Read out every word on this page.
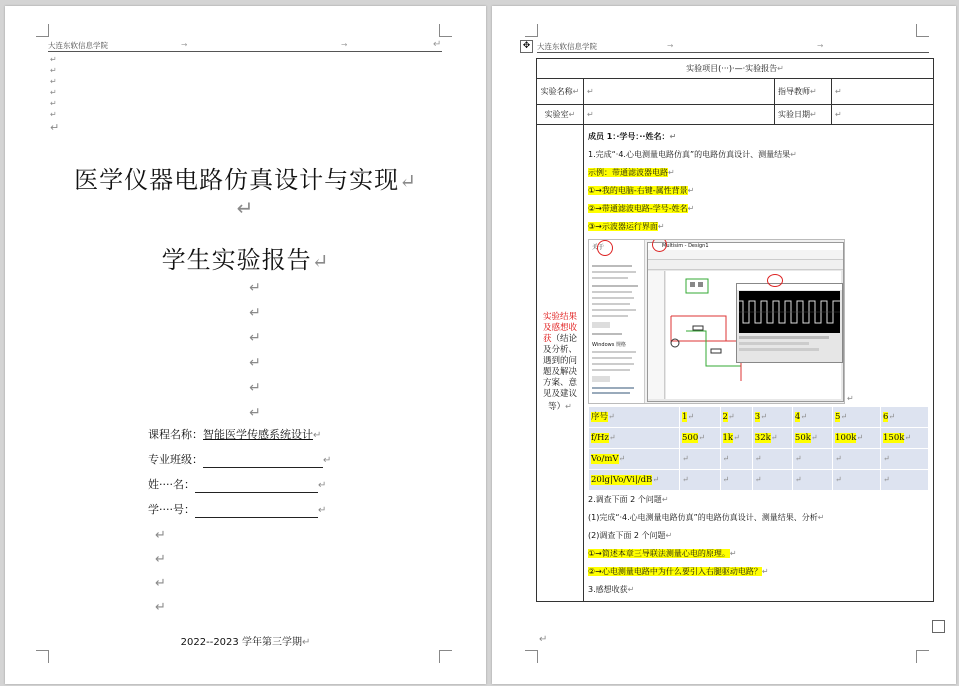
大连东软信息学院	→	→	↵
↵
↵
↵
↵
↵
↵
↵
医学仪器电路仿真设计与实现↵
↵
学生实验报告↵
↵
↵
↵
↵
↵
↵
课程名称：智能医学传感系统设计↵
专业班级：	↵
姓····名：	↵
学····号：	↵
↵
↵
↵
↵
2022--2023 学年第三学期↵
✥ 大连东软信息学院	→	→
实验项目(···)·—·实验报告↵
实验名称↵	↵	指导教师↵	↵
实验室↵	↵	实验日期↵	↵
实验结果及感想收获（结论及分析、遇到的问题及解决方案、意见及建议等）↵	
成员 1：·学号：··姓名：↵
1.完成“·4.心电测量电路仿真”的电路仿真设计、测量结果↵
示例：带通滤波器电路↵
①→我的电脑-右键-属性背景↵
②→带通滤波电路-学号-姓名↵
③→示波器运行界面↵
关于
Windows 规格
Multisim - Design1
↵
序号↵	1↵	2↵	3↵	4↵	5↵	6↵
f/Hz↵	500↵	1k↵	32k↵	50k↵	100k↵	150k↵
Vo/mV↵	↵	↵	↵	↵	↵	↵
20lg|Vo/Vi|/dB↵	↵	↵	↵	↵	↵	↵
2.调查下面 2 个问题↵
(1)完成“·4.心电测量电路仿真”的电路仿真设计、测量结果、分析↵
(2)调查下面 2 个问题↵
①→简述本章三导联法测量心电的原理。↵
②→心电测量电路中为什么要引入右腿驱动电路？↵
3.感想收获↵
↵
